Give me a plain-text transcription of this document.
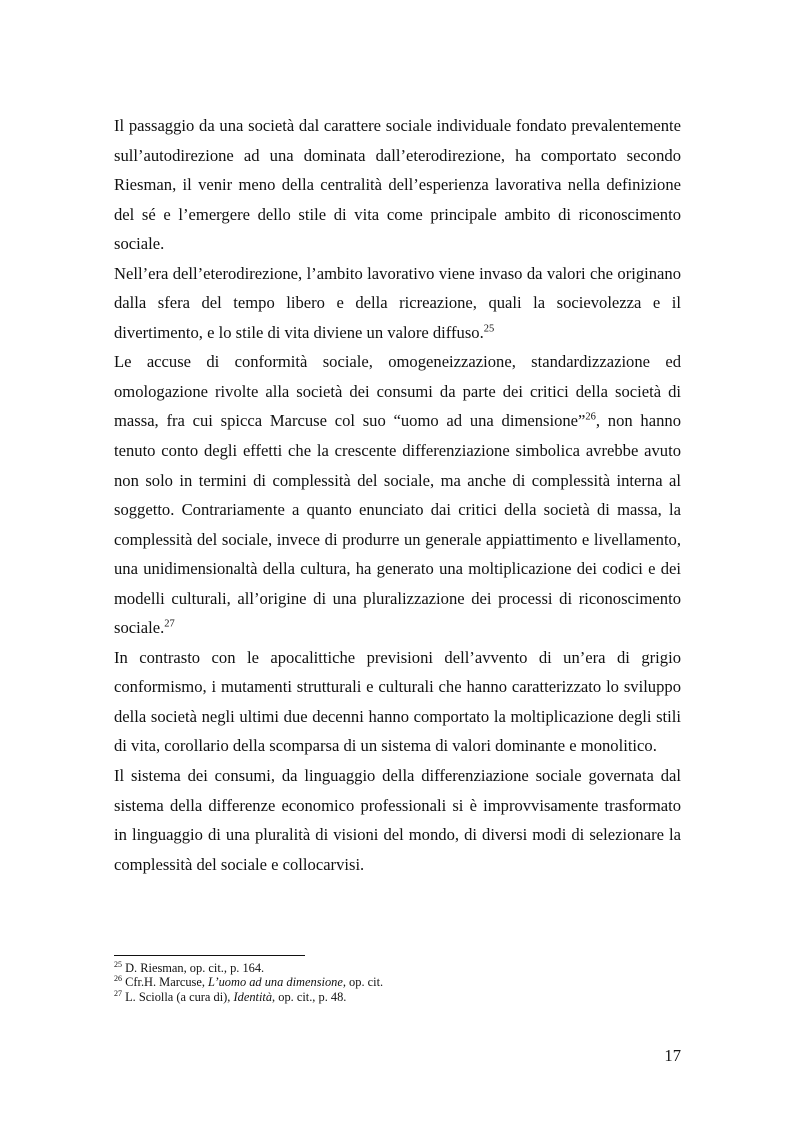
Il passaggio da una società dal carattere sociale individuale fondato prevalentemente sull’autodirezione ad una dominata dall’eterodirezione, ha comportato secondo Riesman, il venir meno della centralità dell’esperienza lavorativa nella definizione del sé e l’emergere dello stile di vita come principale ambito di riconoscimento sociale.

Nell’era dell’eterodirezione, l’ambito lavorativo viene invaso da valori che originano dalla sfera del tempo libero e della ricreazione, quali la socievolezza e il divertimento, e lo stile di vita diviene un valore diffuso.$^{25}$

Le accuse di conformità sociale, omogeneizzazione, standardizzazione ed omologazione rivolte alla società dei consumi da parte dei critici della società di massa, fra cui spicca Marcuse col suo “uomo ad una dimensione”$^{26}$, non hanno tenuto conto degli effetti che la crescente differenziazione simbolica avrebbe avuto non solo in termini di complessità del sociale, ma anche di complessità interna al soggetto. Contrariamente a quanto enunciato dai critici della società di massa, la complessità del sociale, invece di produrre un generale appiattimento e livellamento, una unidimensionaltà della cultura, ha generato una moltiplicazione dei codici e dei modelli culturali, all’origine di una pluralizzazione dei processi di riconoscimento sociale.$^{27}$

In contrasto con le apocalittiche previsioni dell’avvento di un’era di grigio conformismo, i mutamenti strutturali e culturali che hanno caratterizzato lo sviluppo della società negli ultimi due decenni hanno comportato la moltiplicazione degli stili di vita, corollario della scomparsa di un sistema di valori dominante e monolitico.

Il sistema dei consumi, da linguaggio della differenziazione sociale governata dal sistema della differenze economico professionali si è improvvisamente trasformato in linguaggio di una pluralità di visioni del mondo, di diversi modi di selezionare la complessità del sociale e collocarvisi.

$^{25}$ D. Riesman, op. cit., p. 164.

$^{26}$ Cfr.H. Marcuse, L’uomo ad una dimensione, op. cit.

$^{27}$ L. Sciolla (a cura di), Identità, op. cit., p. 48.

17
